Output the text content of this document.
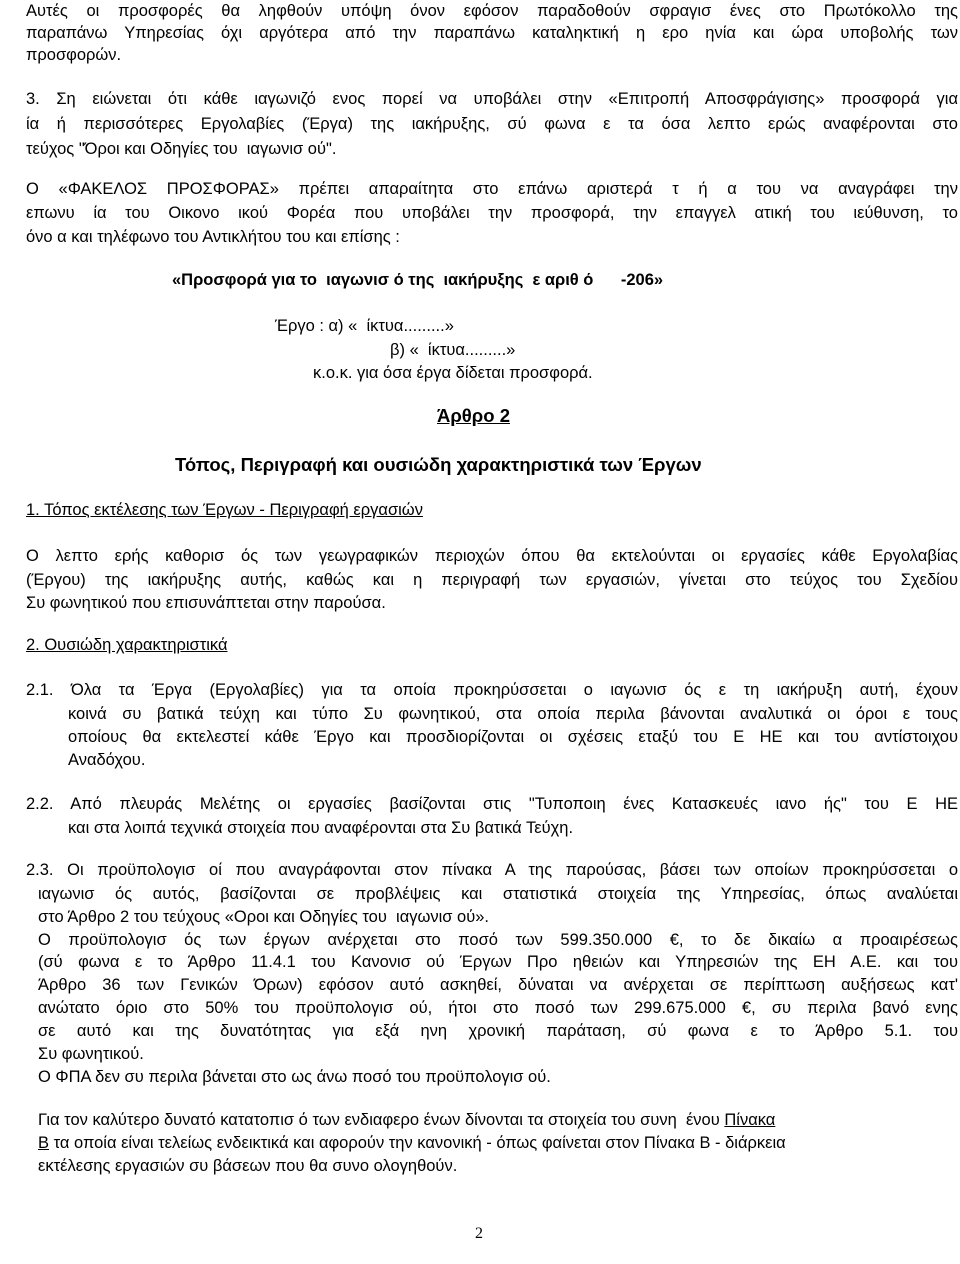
Αυτές οι προσφορές θα ληφθούν υπόψη όνον εφόσον παραδοθούν σφραγισ ένες στο Πρωτόκολλο της
παραπάνω Υπηρεσίας όχι αργότερα από την παραπάνω καταληκτική η ερο ηνία και ώρα υποβολής των
προσφορών.
3. Ση ειώνεται ότι κάθε ιαγωνιζό ενος πορεί να υποβάλει στην «Επιτροπή Αποσφράγισης» προσφορά για
ία ή περισσότερες Εργολαβίες (Έργα) της ιακήρυξης, σύ φωνα ε τα όσα λεπτο ερώς αναφέρονται στο
τεύχος "Όροι και Οδηγίες του  ιαγωνισ ού".
Ο «ΦΑΚΕΛΟΣ ΠΡΟΣΦΟΡΑΣ» πρέπει απαραίτητα στο επάνω αριστερά τ ή α του να αναγράφει την
επωνυ ία του Οικονο ικού Φορέα που υποβάλει την προσφορά, την επαγγελ ατική του ιεύθυνση, το
όνο α και τηλέφωνο του Αντικλήτου του και επίσης :
«Προσφορά για το  ιαγωνισ ό της  ιακήρυξης  ε αριθ ό      -206»
Έργο : α) «  ίκτυα.........»
β) «  ίκτυα.........»
κ.ο.κ. για όσα έργα δίδεται προσφορά.
Άρθρο 2
Τόπος, Περιγραφή και ουσιώδη χαρακτηριστικά των Έργων
1. Τόπος εκτέλεσης των Έργων - Περιγραφή εργασιών
Ο λεπτο ερής καθορισ ός των γεωγραφικών περιοχών όπου θα εκτελούνται οι εργασίες κάθε Εργολαβίας
(Έργου) της ιακήρυξης αυτής, καθώς και η περιγραφή των εργασιών, γίνεται στο τεύχος του Σχεδίου
Συ φωνητικού που επισυνάπτεται στην παρούσα.
2. Ουσιώδη χαρακτηριστικά
2.1. Όλα τα Έργα (Εργολαβίες) για τα οποία προκηρύσσεται ο ιαγωνισ ός ε τη ιακήρυξη αυτή, έχουν
κοινά συ βατικά τεύχη και τύπο Συ φωνητικού, στα οποία περιλα βάνονται αναλυτικά οι όροι ε τους
οποίους θα εκτελεστεί κάθε Έργο και προσδιορίζονται οι σχέσεις εταξύ του Ε ΗΕ και του αντίστοιχου
Αναδόχου.
2.2. Από πλευράς Μελέτης οι εργασίες βασίζονται στις "Τυποποιη ένες Κατασκευές ιανο ής" του Ε ΗΕ
και στα λοιπά τεχνικά στοιχεία που αναφέρονται στα Συ βατικά Τεύχη.
2.3. Οι προϋπολογισ οί που αναγράφονται στον πίνακα Α της παρούσας, βάσει των οποίων προκηρύσσεται ο
ιαγωνισ ός αυτός, βασίζονται σε προβλέψεις και στατιστικά στοιχεία της Υπηρεσίας, όπως αναλύεται
στο Άρθρο 2 του τεύχους «Οροι και Οδηγίες του  ιαγωνισ ού».
Ο προϋπολογισ ός των έργων ανέρχεται στο ποσό των 599.350.000 €, το δε δικαίω α προαιρέσεως
(σύ φωνα ε το Άρθρο 11.4.1 του Κανονισ ού Έργων Προ ηθειών και Υπηρεσιών της ΕΗ Α.Ε. και του
Άρθρο 36 των Γενικών Όρων) εφόσον αυτό ασκηθεί, δύναται να ανέρχεται σε περίπτωση αυξήσεως κατ'
ανώτατο όριο στο 50% του προϋπολογισ ού, ήτοι στο ποσό των 299.675.000 €, συ περιλα βανό ενης
σε αυτό και της δυνατότητας για εξά ηνη χρονική παράταση, σύ φωνα ε το Άρθρο 5.1. του
Συ φωνητικού.
Ο ΦΠΑ δεν συ περιλα βάνεται στο ως άνω ποσό του προϋπολογισ ού.
Για τον καλύτερο δυνατό κατατοπισ ό των ενδιαφερο ένων δίνονται τα στοιχεία του συνη  ένου Πίνακα
Β τα οποία είναι τελείως ενδεικτικά και αφορούν την κανονική - όπως φαίνεται στον Πίνακα Β - διάρκεια
εκτέλεσης εργασιών συ βάσεων που θα συνο ολογηθούν.
2
